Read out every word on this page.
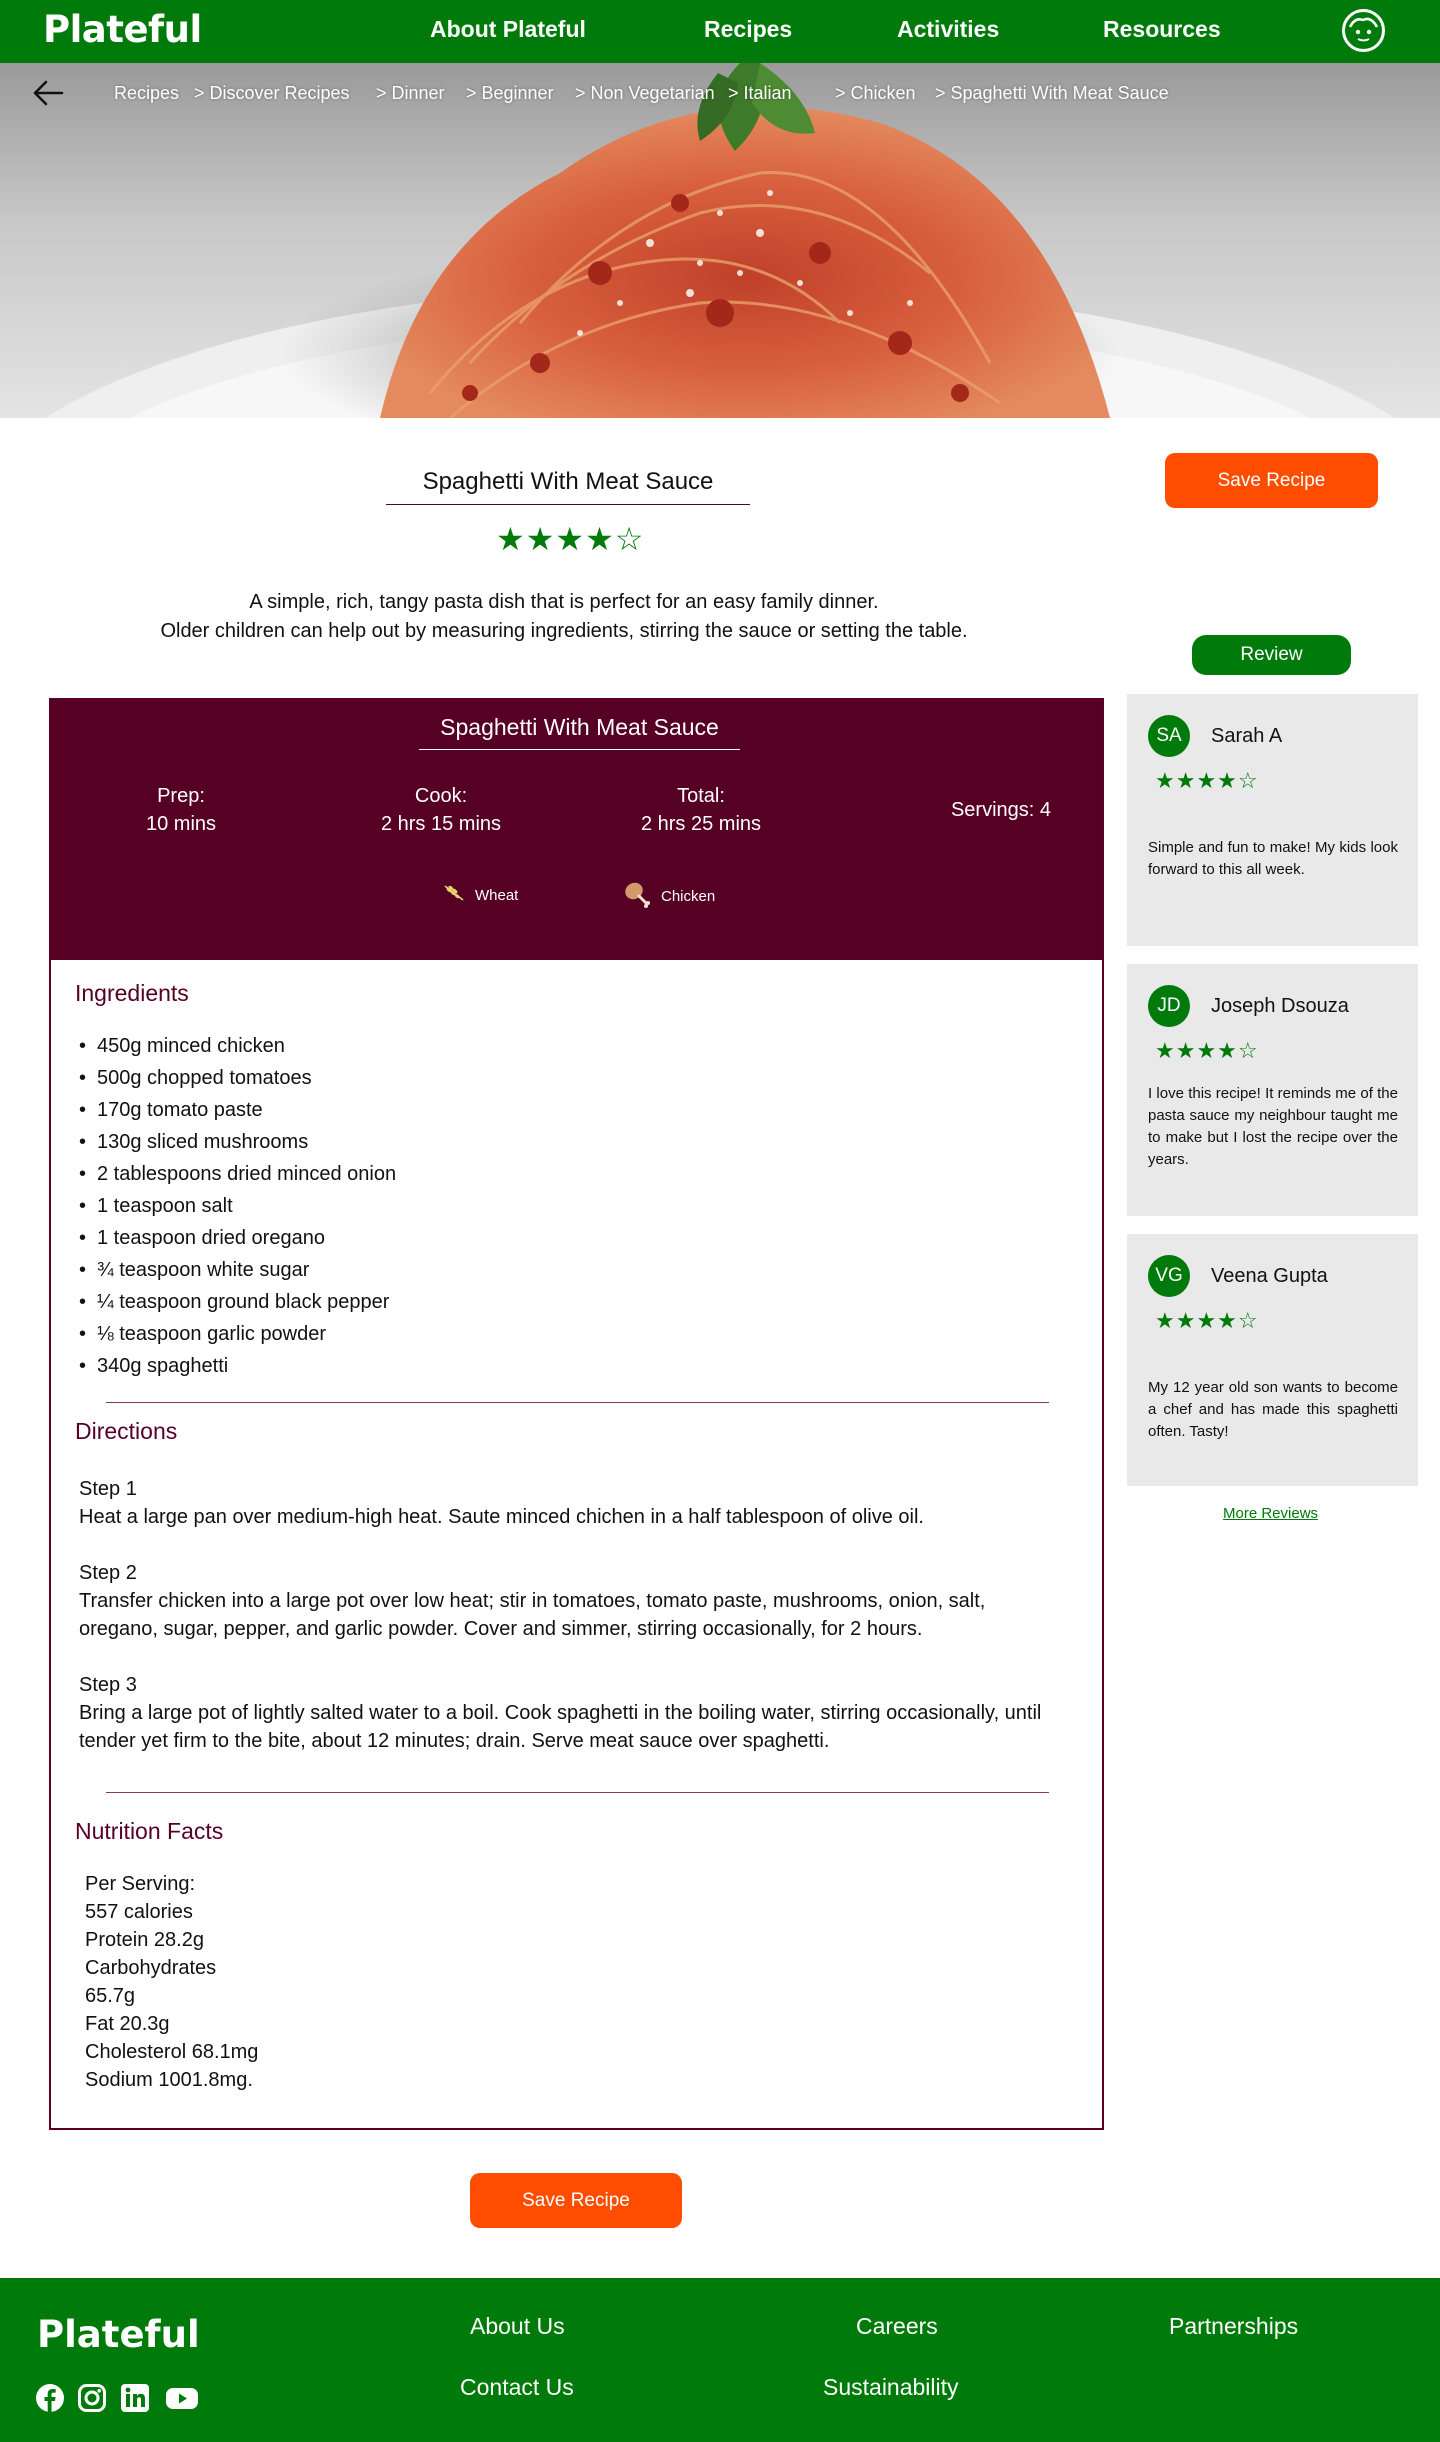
Plateful	About Plateful	Recipes	Activities	Resources
Recipes > Discover Recipes > Dinner > Beginner > Non Vegetarian > Italian > Chicken > Spaghetti With Meat Sauce
Spaghetti With Meat Sauce
★★★★☆
A simple, rich, tangy pasta dish that is perfect for an easy family dinner.
Older children can help out by measuring ingredients, stirring the sauce or setting the table.
Save Recipe
Review
Spaghetti With Meat Sauce
Prep:
10 mins
Cook:
2 hrs 15 mins
Total:
2 hrs 25 mins
Servings: 4
Wheat	Chicken
Ingredients
• 450g minced chicken
• 500g chopped tomatoes
• 170g tomato paste
• 130g sliced mushrooms
• 2 tablespoons dried minced onion
• 1 teaspoon salt
• 1 teaspoon dried oregano
• ¾ teaspoon white sugar
• ¼ teaspoon ground black pepper
• ⅛ teaspoon garlic powder
• 340g spaghetti
Directions
Step 1
Heat a large pan over medium-high heat. Saute minced chichen in a half tablespoon of olive oil.
Step 2
Transfer chicken into a large pot over low heat; stir in tomatoes, tomato paste, mushrooms, onion, salt, oregano, sugar, pepper, and garlic powder. Cover and simmer, stirring occasionally, for 2 hours.
Step 3
Bring a large pot of lightly salted water to a boil. Cook spaghetti in the boiling water, stirring occasionally, until tender yet firm to the bite, about 12 minutes; drain. Serve meat sauce over spaghetti.
Nutrition Facts
Per Serving:
557 calories
Protein 28.2g
Carbohydrates
65.7g
Fat 20.3g
Cholesterol 68.1mg
Sodium 1001.8mg.
SA	Sarah A
★★★★☆
Simple and fun to make! My kids look forward to this all week.
JD	Joseph Dsouza
★★★★☆
I love this recipe! It reminds me of the pasta sauce my neighbour taught me to make but I lost the recipe over the years.
VG	Veena Gupta
★★★★☆
My 12 year old son wants to become a chef and has made this spaghetti often. Tasty!
More Reviews
Save Recipe
Plateful	About Us	Careers	Partnerships
Contact Us	Sustainability
